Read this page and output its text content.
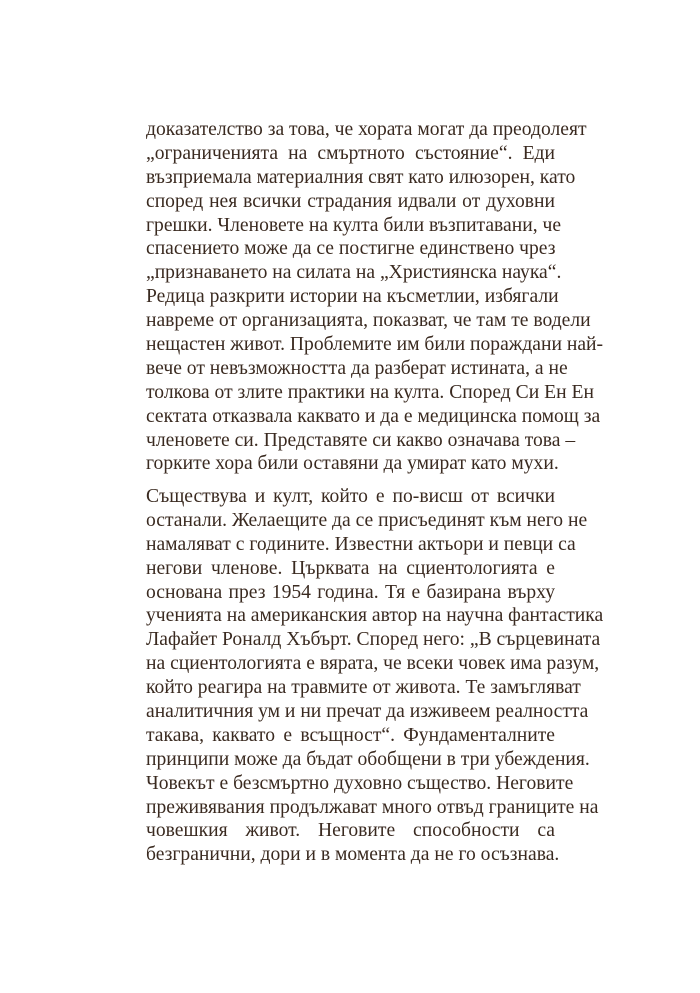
доказателство за това, че хората могат да преодолеят
„ограниченията на смъртното състояние“. Еди
възприемала материалния свят като илюзорен, като
според нея всички страдания идвали от духовни
грешки. Членовете на култа били възпитавани, че
спасението може да се постигне единствено чрез
„признаването на силата на „Християнска наука“.
Редица разкрити истории на късметлии, избягали
навреме от организацията, показват, че там те водели
нещастен живот. Проблемите им били пораждани най-
вече от невъзможността да разберат истината, а не
толкова от злите практики на култа. Според Си Ен Ен
сектата отказвала каквато и да е медицинска помощ за
членовете си. Представяте си какво означава това –
горките хора били оставяни да умират като мухи.
Съществува и култ, който е по-висш от всички
останали. Желаещите да се присъединят към него не
намаляват с годините. Известни актьори и певци са
негови членове. Църквата на сциентологията е
основана през 1954 година. Тя е базирана върху
ученията на американския автор на научна фантастика
Лафайет Роналд Хъбърт. Според него: „В сърцевината
на сциентологията е вярата, че всеки човек има разум,
който реагира на травмите от живота. Те замъгляват
аналитичния ум и ни пречат да изживеем реалността
такава, каквато е всъщност“. Фундаменталните
принципи може да бъдат обобщени в три убеждения.
Човекът е безсмъртно духовно същество. Неговите
преживявания продължават много отвъд границите на
човешкия живот. Неговите способности са
безгранични, дори и в момента да не го осъзнава.
